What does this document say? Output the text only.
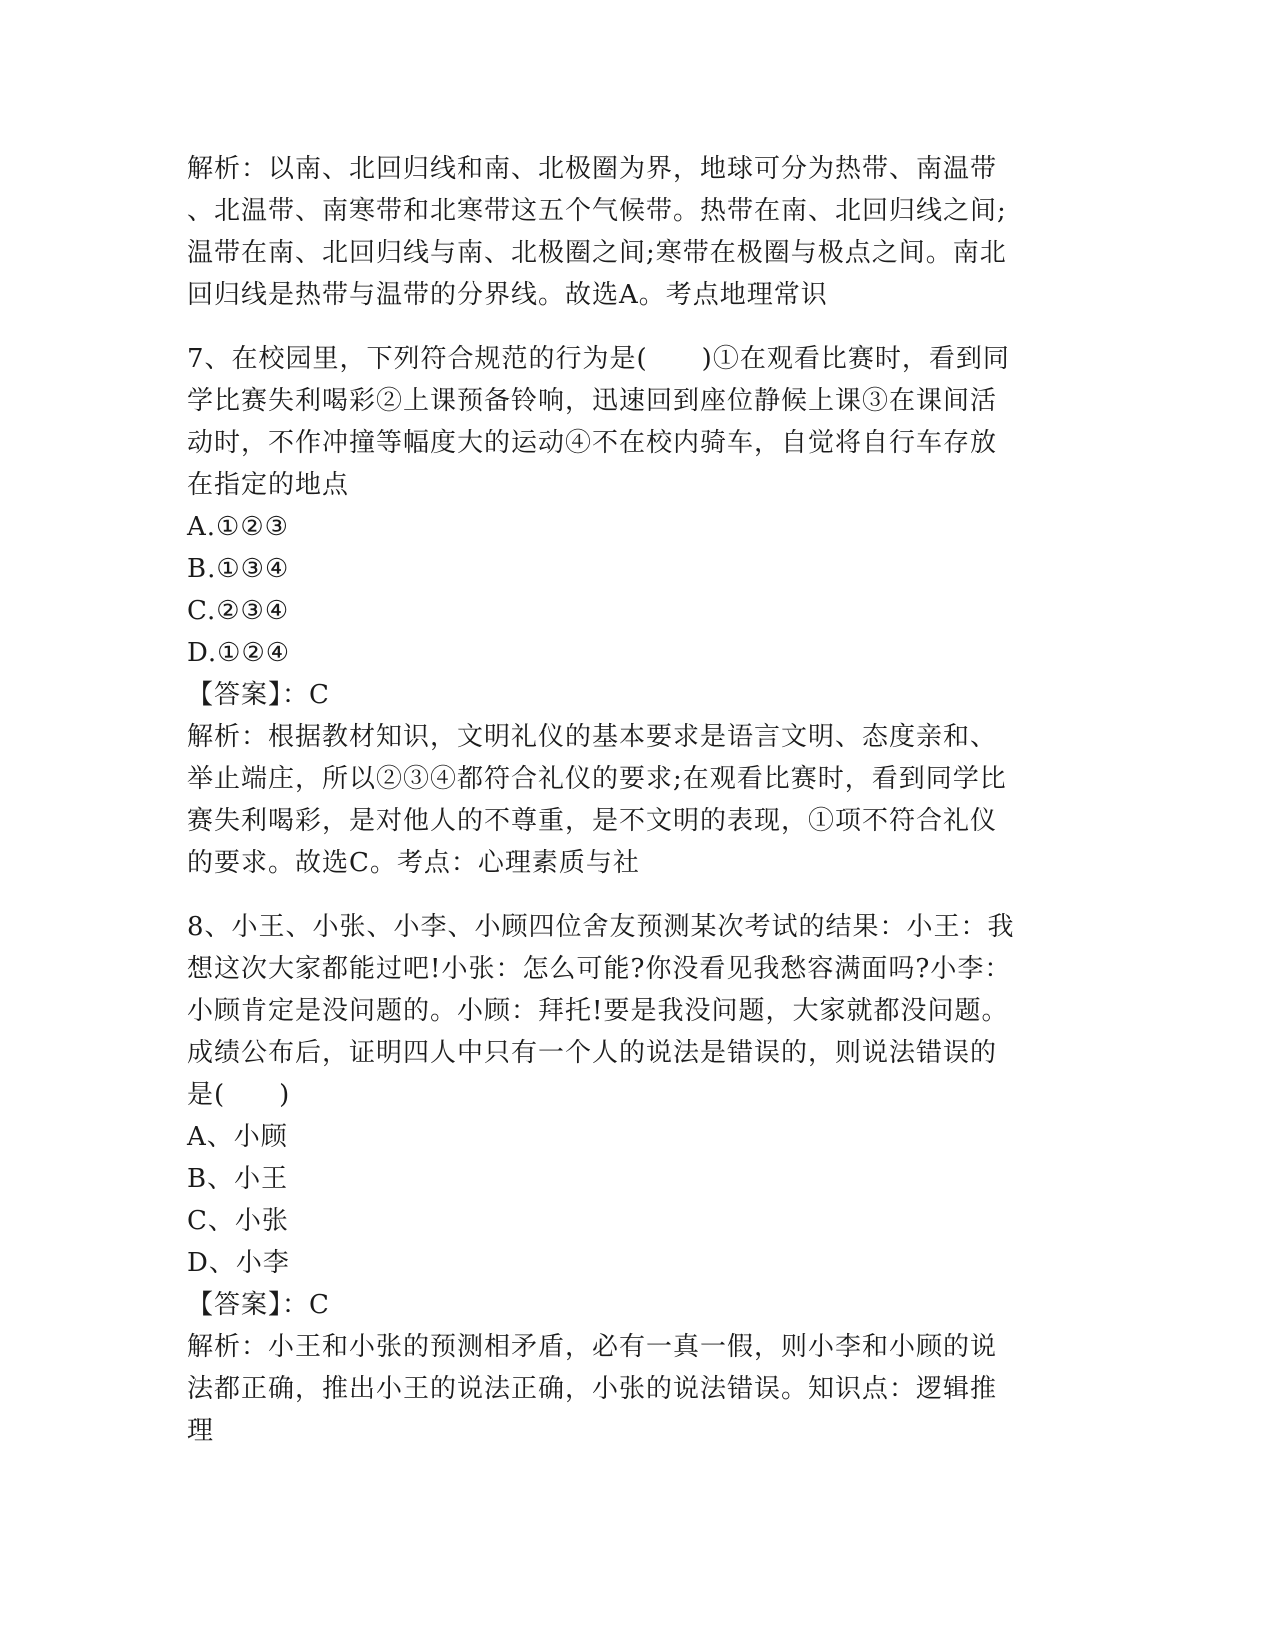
解析：以南、北回归线和南、北极圈为界，地球可分为热带、南温带
、北温带、南寒带和北寒带这五个气候带。热带在南、北回归线之间;
温带在南、北回归线与南、北极圈之间;寒带在极圈与极点之间。南北
回归线是热带与温带的分界线。故选A。考点地理常识
7、在校园里，下列符合规范的行为是(　　)①在观看比赛时，看到同
学比赛失利喝彩②上课预备铃响，迅速回到座位静候上课③在课间活
动时，不作冲撞等幅度大的运动④不在校内骑车，自觉将自行车存放
在指定的地点
A.①②③
B.①③④
C.②③④
D.①②④
【答案】：C
解析：根据教材知识，文明礼仪的基本要求是语言文明、态度亲和、
举止端庄，所以②③④都符合礼仪的要求;在观看比赛时，看到同学比
赛失利喝彩，是对他人的不尊重，是不文明的表现，①项不符合礼仪
的要求。故选C。考点：心理素质与社
8、小王、小张、小李、小顾四位舍友预测某次考试的结果：小王：我
想这次大家都能过吧!小张：怎么可能?你没看见我愁容满面吗?小李：
小顾肯定是没问题的。小顾：拜托!要是我没问题，大家就都没问题。
成绩公布后，证明四人中只有一个人的说法是错误的，则说法错误的
是(　　)
A、小顾
B、小王
C、小张
D、小李
【答案】：C
解析：小王和小张的预测相矛盾，必有一真一假，则小李和小顾的说
法都正确，推出小王的说法正确，小张的说法错误。知识点：逻辑推
理
